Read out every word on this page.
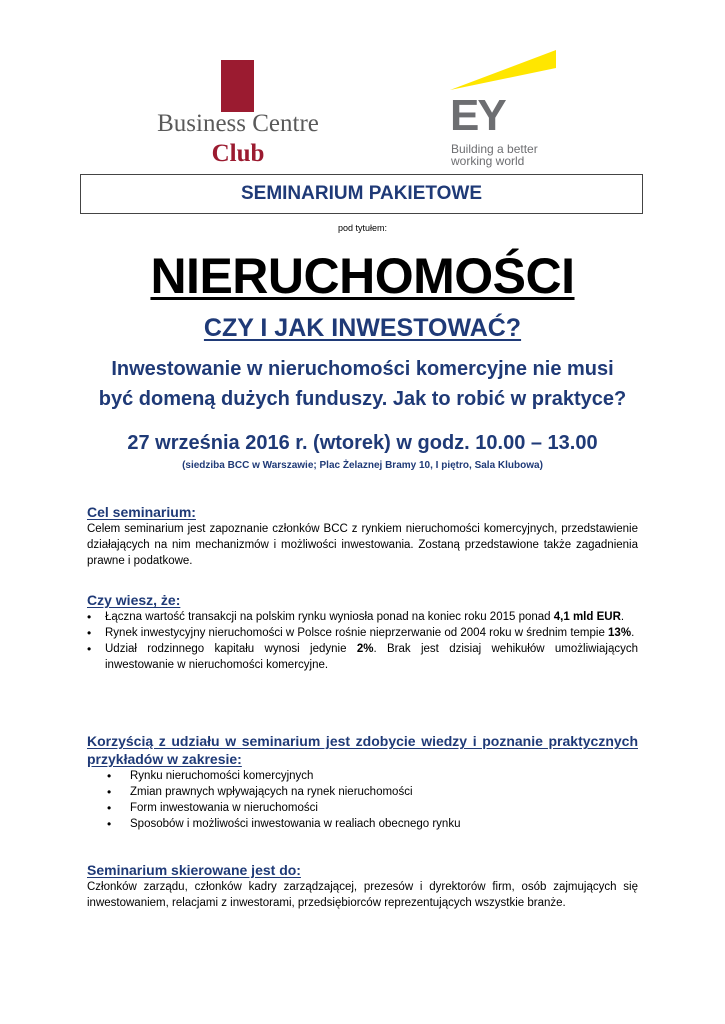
Business Centre
Club
EY
Building a better
working world
SEMINARIUM PAKIETOWE
pod tytułem:
NIERUCHOMOŚCI
CZY I JAK INWESTOWAĆ?
Inwestowanie w nieruchomości komercyjne nie musi
być domeną dużych funduszy. Jak to robić w praktyce?
27 września 2016 r. (wtorek) w godz. 10.00 – 13.00
(siedziba BCC w Warszawie; Plac Żelaznej Bramy 10, I piętro, Sala Klubowa)
Cel seminarium:
Celem seminarium jest zapoznanie członków BCC z rynkiem nieruchomości komercyjnych, przedstawienie działających na nim mechanizmów i możliwości inwestowania. Zostaną przedstawione także zagadnienia prawne i podatkowe.
Czy wiesz, że:
• Łączna wartość transakcji na polskim rynku wyniosła ponad na koniec roku 2015 ponad 4,1 mld EUR.
• Rynek inwestycyjny nieruchomości w Polsce rośnie nieprzerwanie od 2004 roku w średnim tempie 13%.
• Udział rodzinnego kapitału wynosi jedynie 2%. Brak jest dzisiaj wehikułów umożliwiających inwestowanie w nieruchomości komercyjne.
Korzyścią z udziału w seminarium jest zdobycie wiedzy i poznanie praktycznych przykładów w zakresie:
• Rynku nieruchomości komercyjnych
• Zmian prawnych wpływających na rynek nieruchomości
• Form inwestowania w nieruchomości
• Sposobów i możliwości inwestowania w realiach obecnego rynku
Seminarium skierowane jest do:
Członków zarządu, członków kadry zarządzającej, prezesów i dyrektorów firm, osób zajmujących się inwestowaniem, relacjami z inwestorami, przedsiębiorców reprezentujących wszystkie branże.
